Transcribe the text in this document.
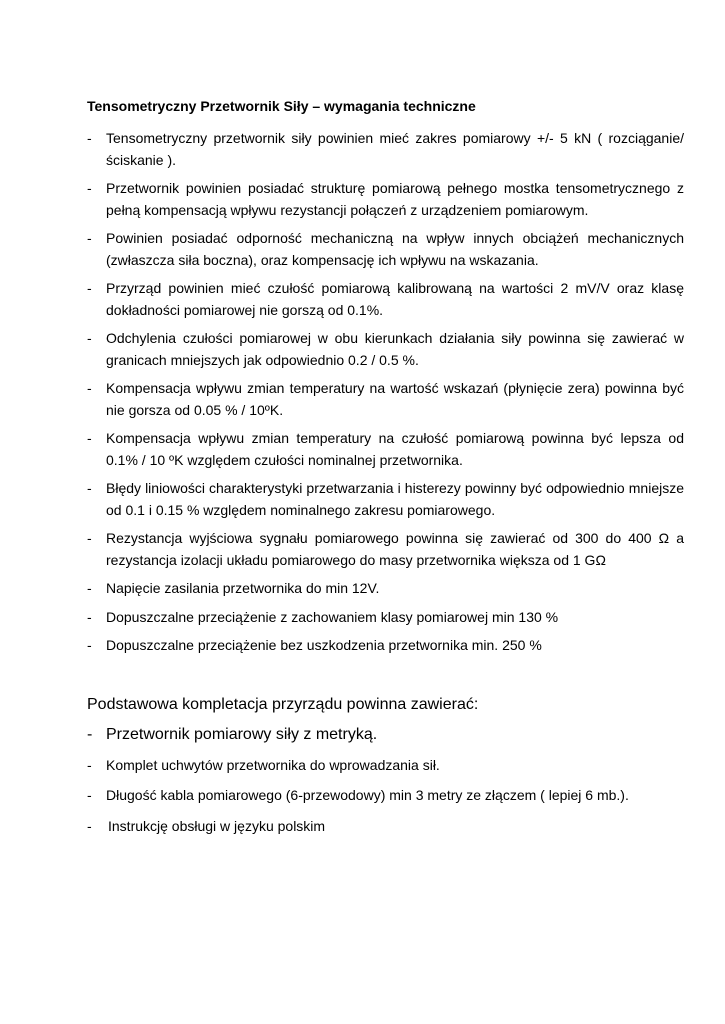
Tensometryczny Przetwornik Siły – wymagania techniczne
- Tensometryczny przetwornik siły powinien mieć zakres pomiarowy +/- 5 kN ( rozciąganie/ ściskanie ).
- Przetwornik powinien posiadać strukturę pomiarową pełnego mostka tensometrycznego z pełną kompensacją wpływu rezystancji połączeń z urządzeniem pomiarowym.
- Powinien posiadać odporność mechaniczną na wpływ innych obciążeń mechanicznych (zwłaszcza siła boczna), oraz kompensację ich wpływu na wskazania.
- Przyrząd powinien mieć czułość pomiarową kalibrowaną na wartości 2 mV/V oraz klasę dokładności pomiarowej nie gorszą od 0.1%.
- Odchylenia czułości pomiarowej w obu kierunkach działania siły powinna się zawierać w granicach mniejszych jak odpowiednio 0.2 / 0.5 %.
- Kompensacja wpływu zmian temperatury na wartość wskazań (płynięcie zera) powinna być nie gorsza od 0.05 % / 10ºK.
- Kompensacja wpływu zmian temperatury na czułość pomiarową powinna być lepsza od 0.1% / 10 ºK względem czułości nominalnej przetwornika.
- Błędy liniowości charakterystyki przetwarzania i histerezy powinny być odpowiednio mniejsze od 0.1 i 0.15 % względem nominalnego zakresu pomiarowego.
- Rezystancja wyjściowa sygnału pomiarowego powinna się zawierać od 300 do 400 Ω a rezystancja izolacji układu pomiarowego do masy przetwornika większa od 1 GΩ
- Napięcie zasilania przetwornika do min 12V.
- Dopuszczalne przeciążenie z zachowaniem klasy pomiarowej min 130 %
- Dopuszczalne przeciążenie bez uszkodzenia przetwornika min. 250 %
Podstawowa kompletacja przyrządu powinna zawierać:
- Przetwornik pomiarowy siły z metryką.
- Komplet uchwytów przetwornika do wprowadzania sił.
- Długość kabla pomiarowego (6-przewodowy) min 3 metry ze złączem ( lepiej 6 mb.).
- Instrukcję obsługi w języku polskim
